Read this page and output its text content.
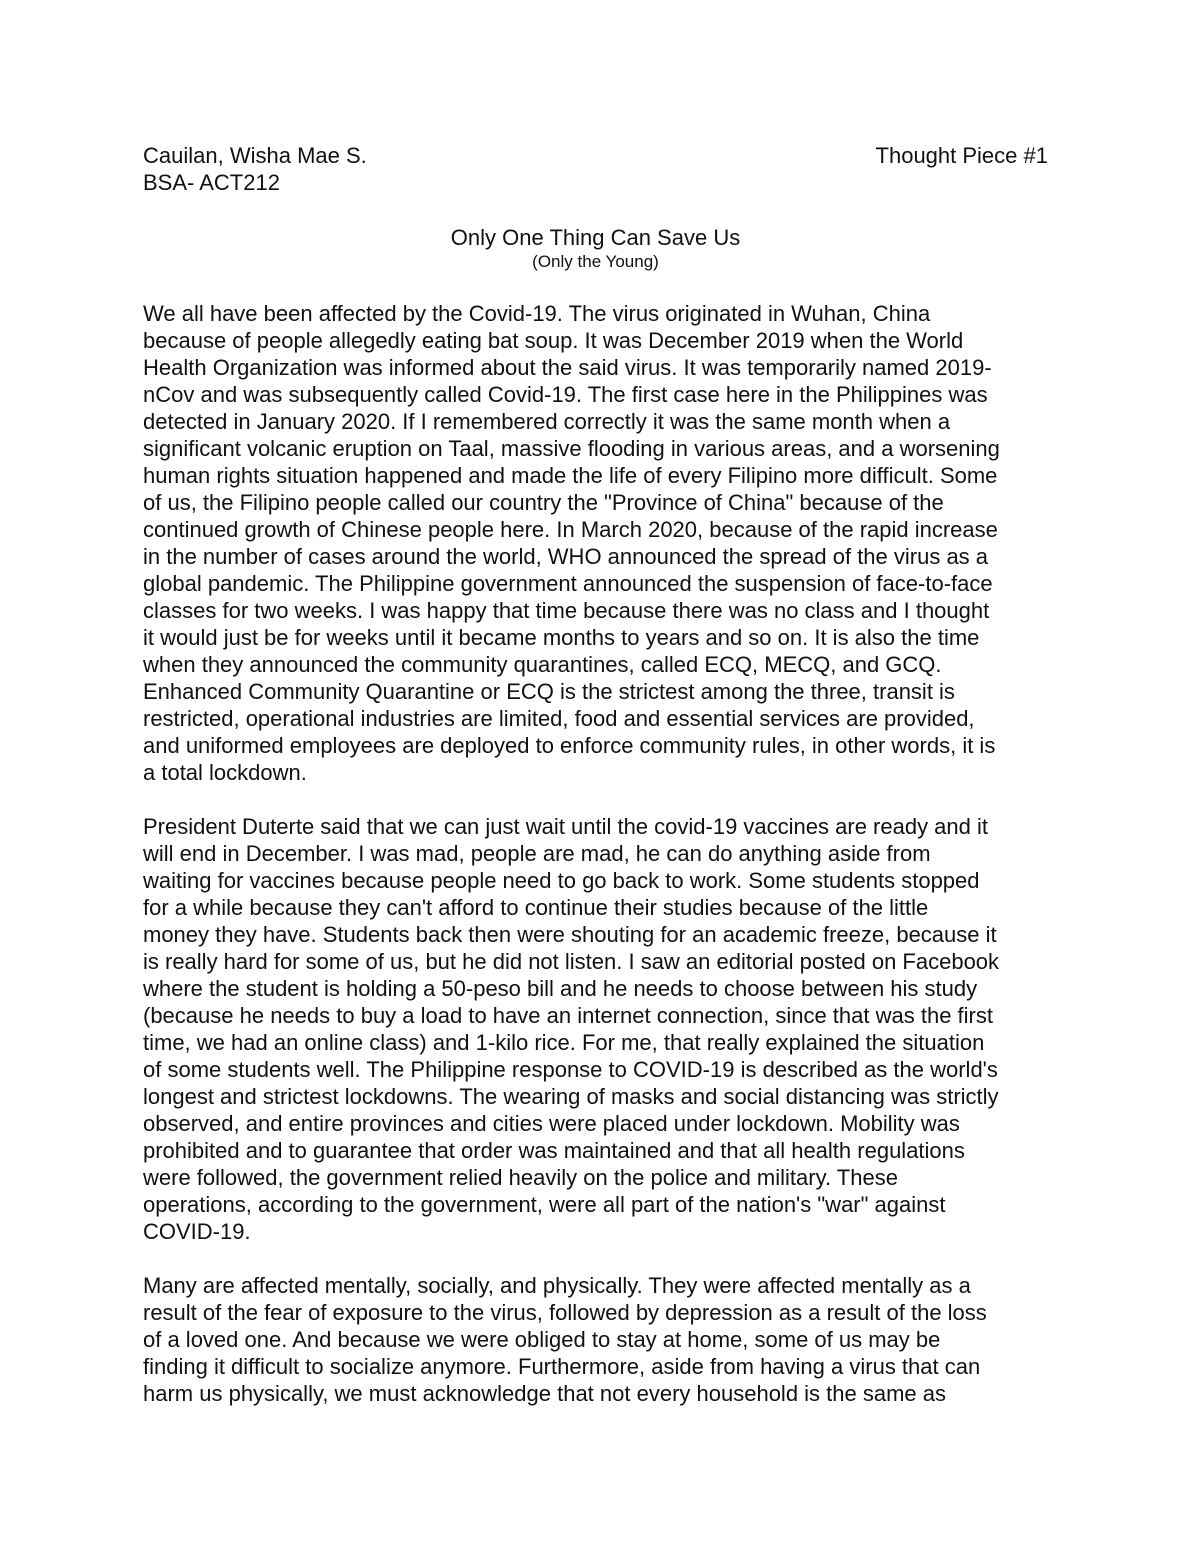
Cauilan, Wisha Mae S.
BSA- ACT212
Thought Piece #1
Only One Thing Can Save Us
(Only the Young)
We all have been affected by the Covid-19. The virus originated in Wuhan, China
because of people allegedly eating bat soup. It was December 2019 when the World
Health Organization was informed about the said virus. It was temporarily named 2019-
nCov and was subsequently called Covid-19. The first case here in the Philippines was
detected in January 2020. If I remembered correctly it was the same month when a
significant volcanic eruption on Taal, massive flooding in various areas, and a worsening
human rights situation happened and made the life of every Filipino more difficult. Some
of us, the Filipino people called our country the "Province of China" because of the
continued growth of Chinese people here. In March 2020, because of the rapid increase
in the number of cases around the world, WHO announced the spread of the virus as a
global pandemic. The Philippine government announced the suspension of face-to-face
classes for two weeks. I was happy that time because there was no class and I thought
it would just be for weeks until it became months to years and so on. It is also the time
when they announced the community quarantines, called ECQ, MECQ, and GCQ.
Enhanced Community Quarantine or ECQ is the strictest among the three, transit is
restricted, operational industries are limited, food and essential services are provided,
and uniformed employees are deployed to enforce community rules, in other words, it is
a total lockdown.
President Duterte said that we can just wait until the covid-19 vaccines are ready and it
will end in December. I was mad, people are mad, he can do anything aside from
waiting for vaccines because people need to go back to work. Some students stopped
for a while because they can't afford to continue their studies because of the little
money they have. Students back then were shouting for an academic freeze, because it
is really hard for some of us, but he did not listen. I saw an editorial posted on Facebook
where the student is holding a 50-peso bill and he needs to choose between his study
(because he needs to buy a load to have an internet connection, since that was the first
time, we had an online class) and 1-kilo rice. For me, that really explained the situation
of some students well. The Philippine response to COVID-19 is described as the world's
longest and strictest lockdowns. The wearing of masks and social distancing was strictly
observed, and entire provinces and cities were placed under lockdown. Mobility was
prohibited and to guarantee that order was maintained and that all health regulations
were followed, the government relied heavily on the police and military. These
operations, according to the government, were all part of the nation's "war" against
COVID-19.
Many are affected mentally, socially, and physically. They were affected mentally as a
result of the fear of exposure to the virus, followed by depression as a result of the loss
of a loved one. And because we were obliged to stay at home, some of us may be
finding it difficult to socialize anymore. Furthermore, aside from having a virus that can
harm us physically, we must acknowledge that not every household is the same as
